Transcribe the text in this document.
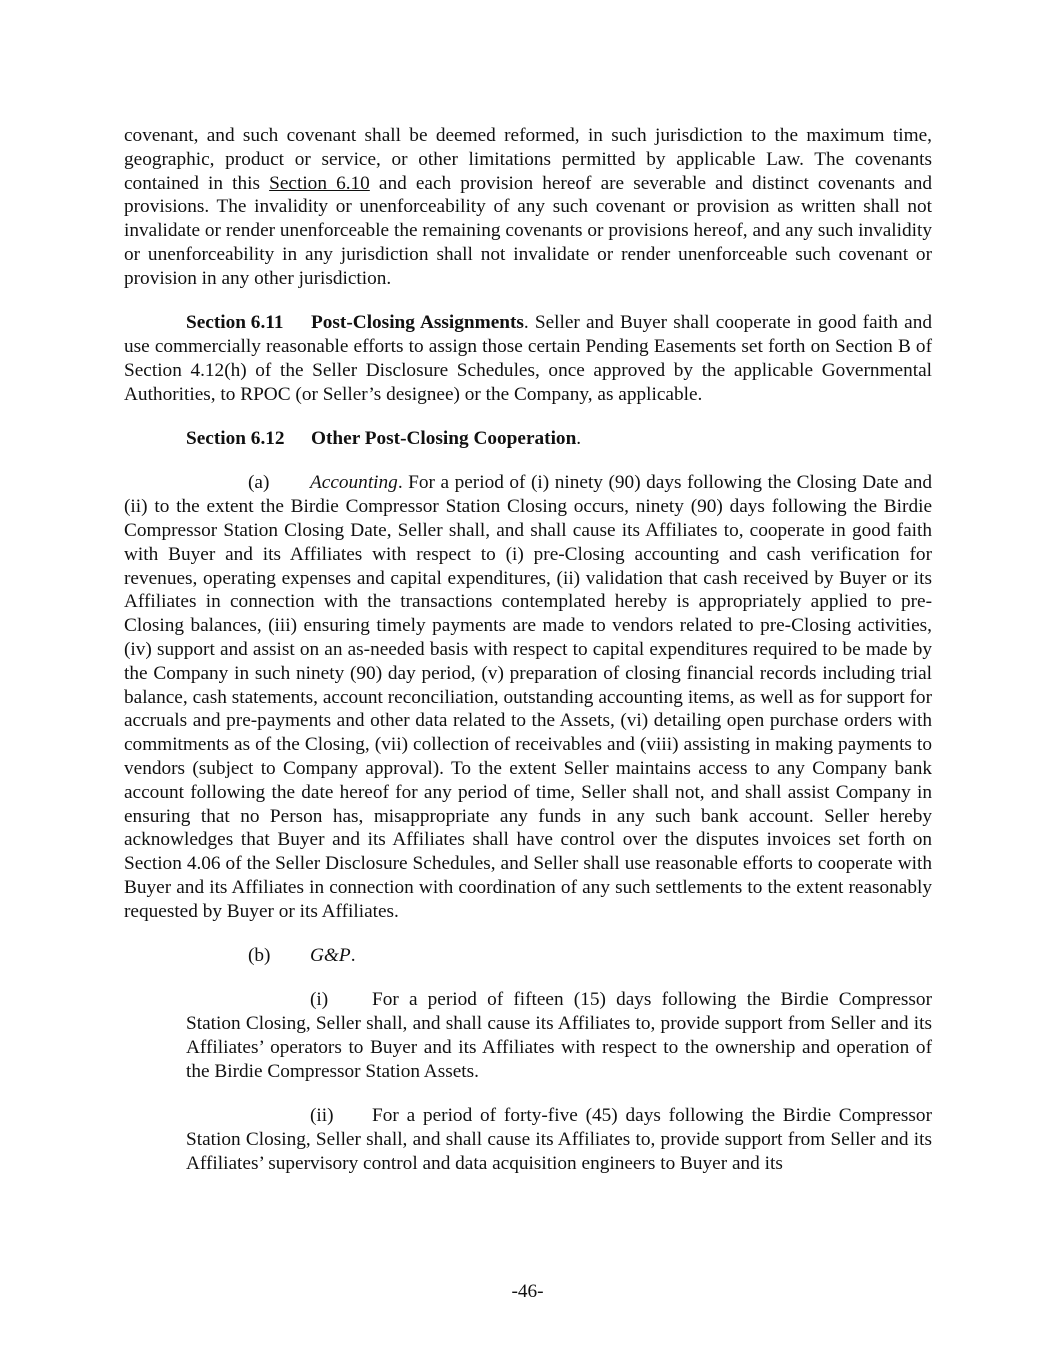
covenant, and such covenant shall be deemed reformed, in such jurisdiction to the maximum time, geographic, product or service, or other limitations permitted by applicable Law. The covenants contained in this Section 6.10 and each provision hereof are severable and distinct covenants and provisions. The invalidity or unenforceability of any such covenant or provision as written shall not invalidate or render unenforceable the remaining covenants or provisions hereof, and any such invalidity or unenforceability in any jurisdiction shall not invalidate or render unenforceable such covenant or provision in any other jurisdiction.

Section 6.11 Post-Closing Assignments. Seller and Buyer shall cooperate in good faith and use commercially reasonable efforts to assign those certain Pending Easements set forth on Section B of Section 4.12(h) of the Seller Disclosure Schedules, once approved by the applicable Governmental Authorities, to RPOC (or Seller’s designee) or the Company, as applicable.

Section 6.12 Other Post-Closing Cooperation.

(a) Accounting. For a period of (i) ninety (90) days following the Closing Date and (ii) to the extent the Birdie Compressor Station Closing occurs, ninety (90) days following the Birdie Compressor Station Closing Date, Seller shall, and shall cause its Affiliates to, cooperate in good faith with Buyer and its Affiliates with respect to (i) pre-Closing accounting and cash verification for revenues, operating expenses and capital expenditures, (ii) validation that cash received by Buyer or its Affiliates in connection with the transactions contemplated hereby is appropriately applied to pre-Closing balances, (iii) ensuring timely payments are made to vendors related to pre-Closing activities, (iv) support and assist on an as-needed basis with respect to capital expenditures required to be made by the Company in such ninety (90) day period, (v) preparation of closing financial records including trial balance, cash statements, account reconciliation, outstanding accounting items, as well as for support for accruals and pre-payments and other data related to the Assets, (vi) detailing open purchase orders with commitments as of the Closing, (vii) collection of receivables and (viii) assisting in making payments to vendors (subject to Company approval). To the extent Seller maintains access to any Company bank account following the date hereof for any period of time, Seller shall not, and shall assist Company in ensuring that no Person has, misappropriate any funds in any such bank account. Seller hereby acknowledges that Buyer and its Affiliates shall have control over the disputes invoices set forth on Section 4.06 of the Seller Disclosure Schedules, and Seller shall use reasonable efforts to cooperate with Buyer and its Affiliates in connection with coordination of any such settlements to the extent reasonably requested by Buyer or its Affiliates.

(b) G&P.

(i) For a period of fifteen (15) days following the Birdie Compressor Station Closing, Seller shall, and shall cause its Affiliates to, provide support from Seller and its Affiliates’ operators to Buyer and its Affiliates with respect to the ownership and operation of the Birdie Compressor Station Assets.

(ii) For a period of forty-five (45) days following the Birdie Compressor Station Closing, Seller shall, and shall cause its Affiliates to, provide support from Seller and its Affiliates’ supervisory control and data acquisition engineers to Buyer and its

-46-
